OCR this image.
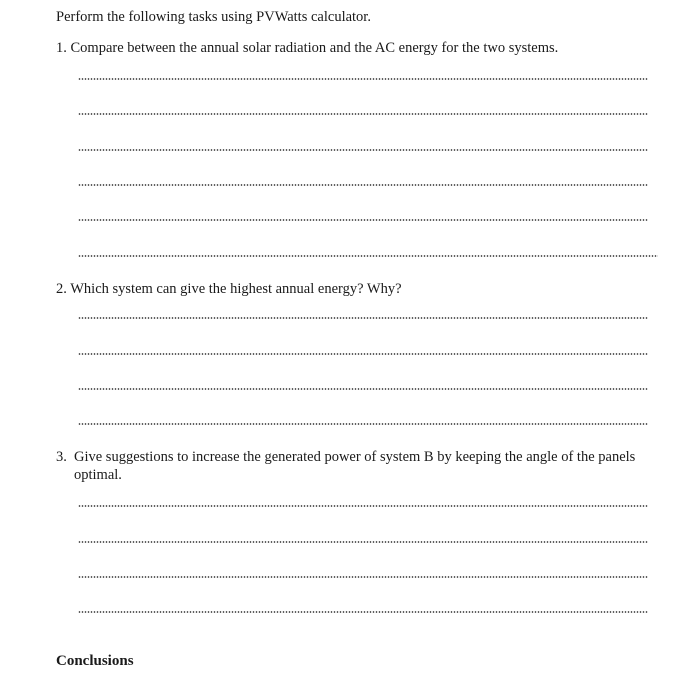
Perform the following tasks using PVWatts calculator.
1. Compare between the annual solar radiation and the AC energy for the two systems.
2. Which system can give the highest annual energy? Why?
3. Give suggestions to increase the generated power of system B by keeping the angle of the panels optimal.
Conclusions
